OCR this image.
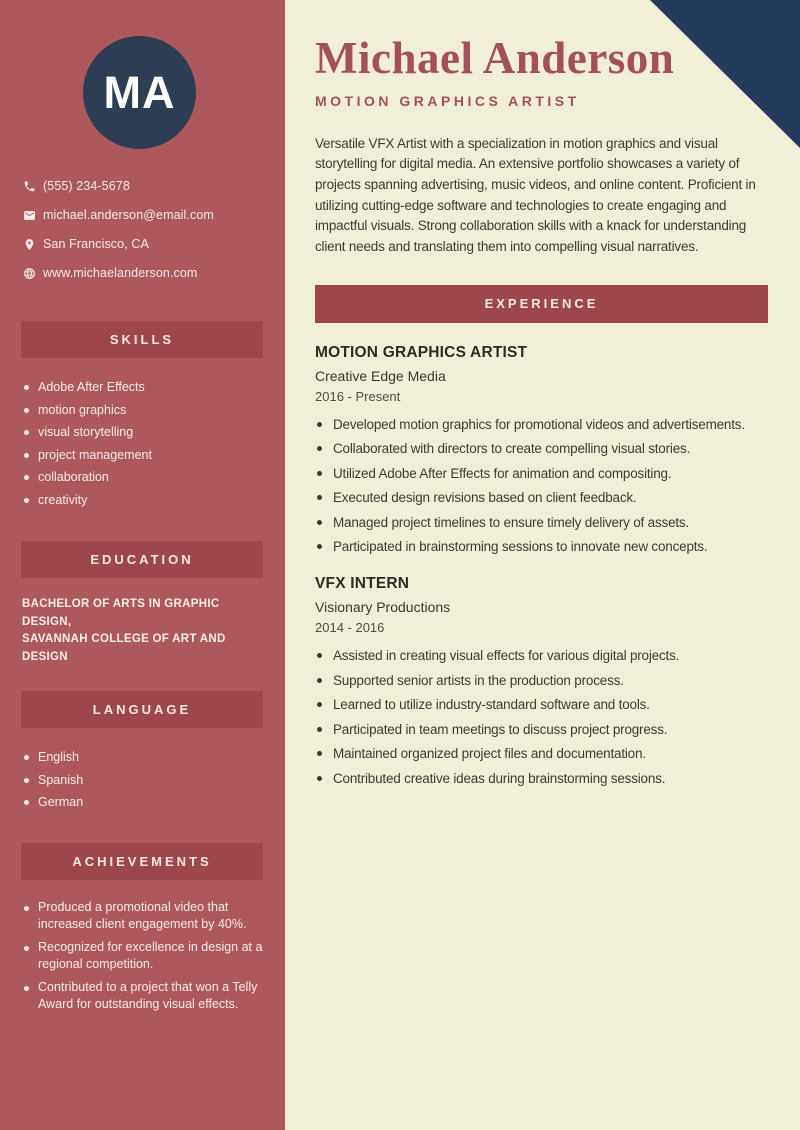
MA
(555) 234-5678
michael.anderson@email.com
San Francisco, CA
www.michaelanderson.com
SKILLS
Adobe After Effects
motion graphics
visual storytelling
project management
collaboration
creativity
EDUCATION
BACHELOR OF ARTS IN GRAPHIC DESIGN,
SAVANNAH COLLEGE OF ART AND
DESIGN
LANGUAGE
English
Spanish
German
ACHIEVEMENTS
Produced a promotional video that increased client engagement by 40%.
Recognized for excellence in design at a regional competition.
Contributed to a project that won a Telly Award for outstanding visual effects.
Michael Anderson
MOTION GRAPHICS ARTIST

Versatile VFX Artist with a specialization in motion graphics and visual storytelling for digital media. An extensive portfolio showcases a variety of projects spanning advertising, music videos, and online content. Proficient in utilizing cutting-edge software and technologies to create engaging and impactful visuals. Strong collaboration skills with a knack for understanding client needs and translating them into compelling visual narratives.

EXPERIENCE
MOTION GRAPHICS ARTIST
Creative Edge Media
2016 - Present
Developed motion graphics for promotional videos and advertisements.
Collaborated with directors to create compelling visual stories.
Utilized Adobe After Effects for animation and compositing.
Executed design revisions based on client feedback.
Managed project timelines to ensure timely delivery of assets.
Participated in brainstorming sessions to innovate new concepts.
VFX INTERN
Visionary Productions
2014 - 2016
Assisted in creating visual effects for various digital projects.
Supported senior artists in the production process.
Learned to utilize industry-standard software and tools.
Participated in team meetings to discuss project progress.
Maintained organized project files and documentation.
Contributed creative ideas during brainstorming sessions.
